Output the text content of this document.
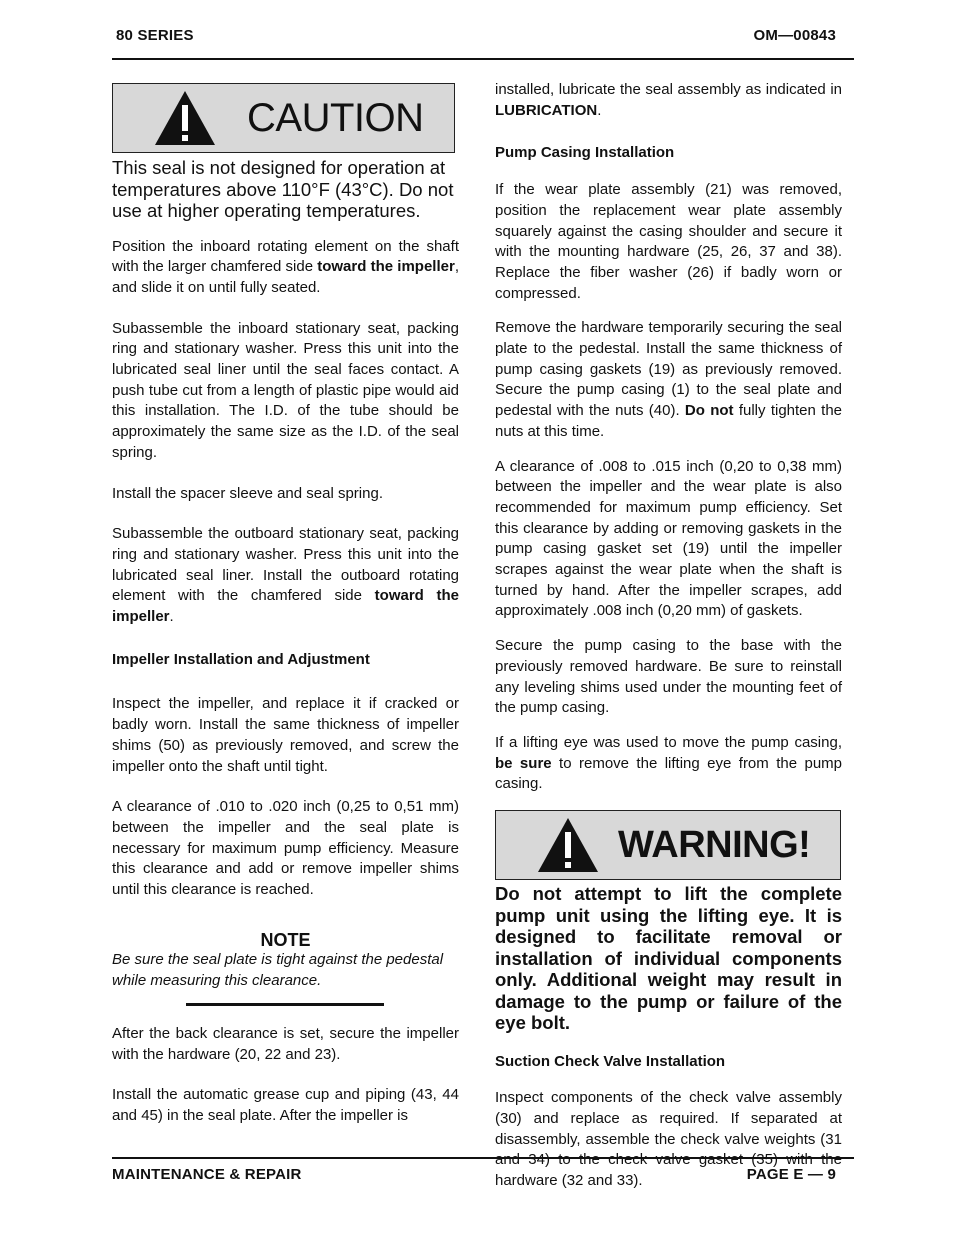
80 SERIES	OM—00843
CAUTION

This seal is not designed for operation at temperatures above 110°F (43°C). Do not use at higher operating temperatures.

Position the inboard rotating element on the shaft with the larger chamfered side toward the impeller, and slide it on until fully seated.

Subassemble the inboard stationary seat, packing ring and stationary washer. Press this unit into the lubricated seal liner until the seal faces contact. A push tube cut from a length of plastic pipe would aid this installation. The I.D. of the tube should be approximately the same size as the I.D. of the seal spring.

Install the spacer sleeve and seal spring.

Subassemble the outboard stationary seat, packing ring and stationary washer. Press this unit into the lubricated seal liner. Install the outboard rotating element with the chamfered side toward the impeller.

Impeller Installation and Adjustment

Inspect the impeller, and replace it if cracked or badly worn. Install the same thickness of impeller shims (50) as previously removed, and screw the impeller onto the shaft until tight.

A clearance of .010 to .020 inch (0,25 to 0,51 mm) between the impeller and the seal plate is necessary for maximum pump efficiency. Measure this clearance and add or remove impeller shims until this clearance is reached.

NOTE

Be sure the seal plate is tight against the pedestal while measuring this clearance.

After the back clearance is set, secure the impeller with the hardware (20, 22 and 23).

Install the automatic grease cup and piping (43, 44 and 45) in the seal plate. After the impeller is

installed, lubricate the seal assembly as indicated in LUBRICATION.

Pump Casing Installation

If the wear plate assembly (21) was removed, position the replacement wear plate assembly squarely against the casing shoulder and secure it with the mounting hardware (25, 26, 37 and 38). Replace the fiber washer (26) if badly worn or compressed.

Remove the hardware temporarily securing the seal plate to the pedestal. Install the same thickness of pump casing gaskets (19) as previously removed. Secure the pump casing (1) to the seal plate and pedestal with the nuts (40). Do not fully tighten the nuts at this time.

A clearance of .008 to .015 inch (0,20 to 0,38 mm) between the impeller and the wear plate is also recommended for maximum pump efficiency. Set this clearance by adding or removing gaskets in the pump casing gasket set (19) until the impeller scrapes against the wear plate when the shaft is turned by hand. After the impeller scrapes, add approximately .008 inch (0,20 mm) of gaskets.

Secure the pump casing to the base with the previously removed hardware. Be sure to reinstall any leveling shims used under the mounting feet of the pump casing.

If a lifting eye was used to move the pump casing, be sure to remove the lifting eye from the pump casing.

WARNING!

Do not attempt to lift the complete pump unit using the lifting eye. It is designed to facilitate removal or installation of individual components only. Additional weight may result in damage to the pump or failure of the eye bolt.

Suction Check Valve Installation

Inspect components of the check valve assembly (30) and replace as required. If separated at disassembly, assemble the check valve weights (31 and 34) to the check valve gasket (35) with the hardware (32 and 33).

MAINTENANCE & REPAIR	PAGE E — 9
